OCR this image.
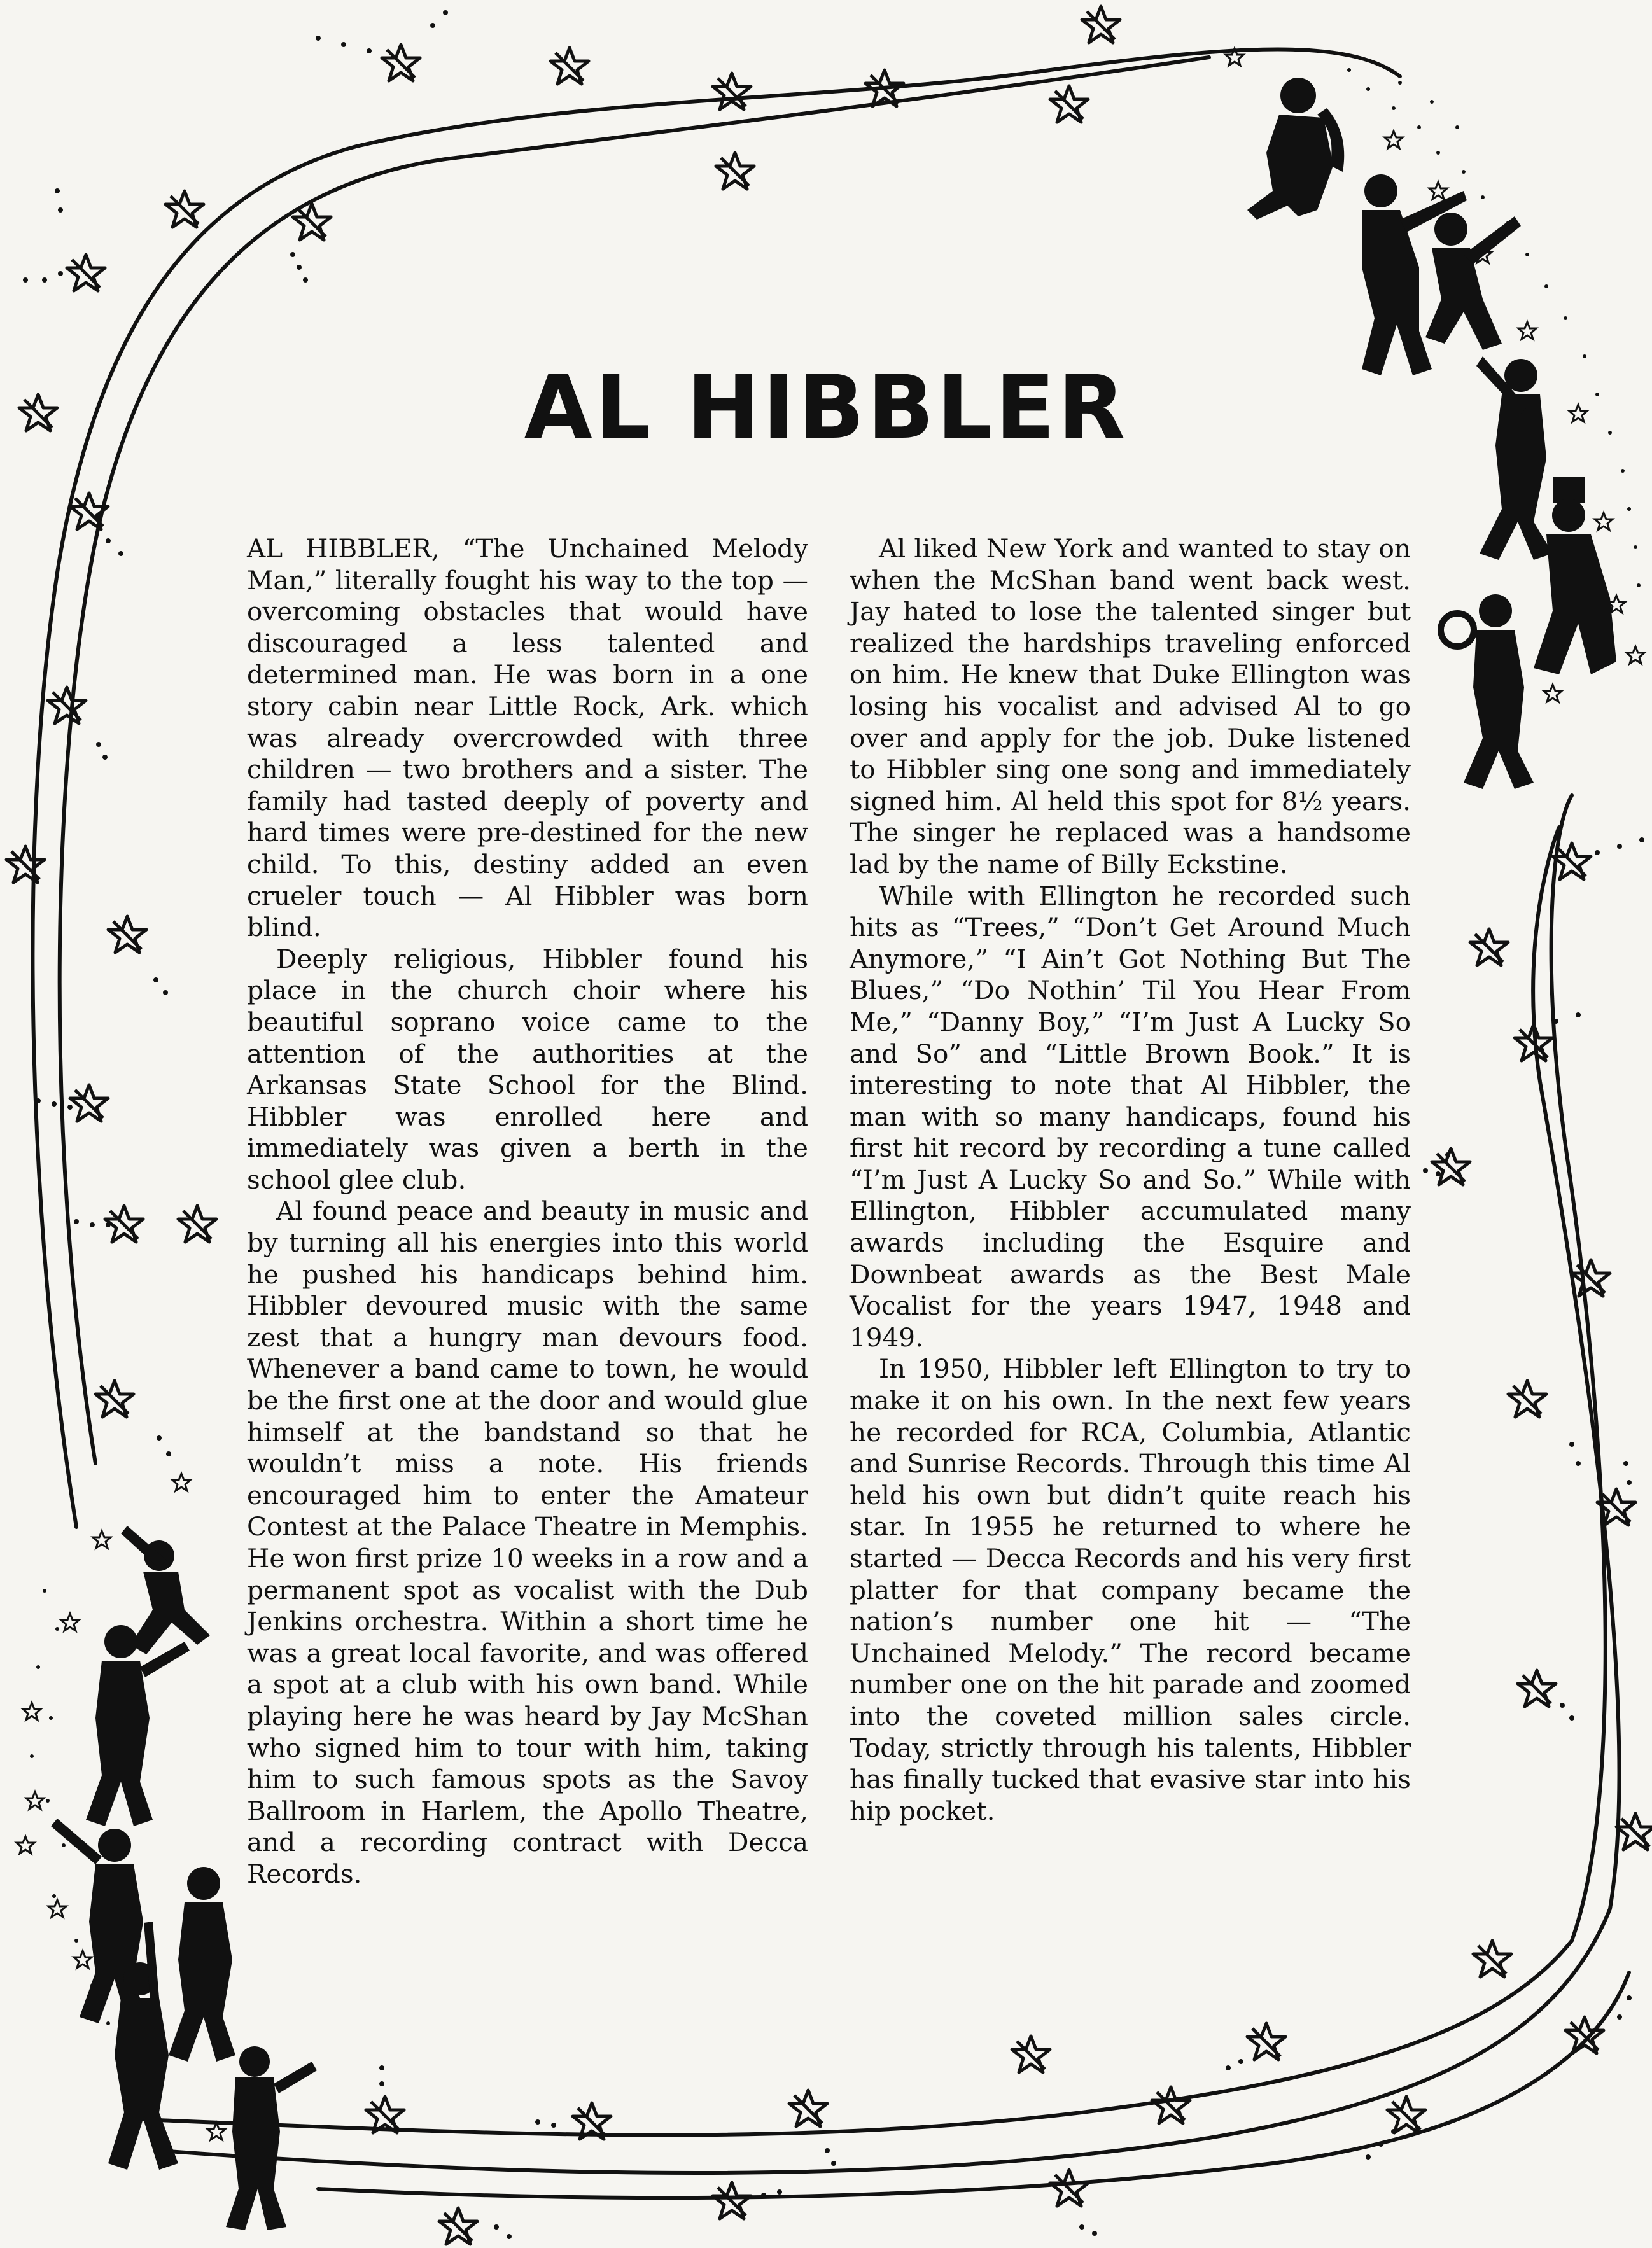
AL HIBBLER

AL HIBBLER, “The Unchained Melody Man,” literally fought his way to the top — overcoming obstacles that would have discouraged a less talented and determined man. He was born in a one story cabin near Little Rock, Ark. which was already overcrowded with three children — two brothers and a sister. The family had tasted deeply of poverty and hard times were pre-destined for the new child. To this, destiny added an even crueler touch — Al Hibbler was born blind.

Deeply religious, Hibbler found his place in the church choir where his beautiful soprano voice came to the attention of the authorities at the Arkansas State School for the Blind. Hibbler was enrolled here and immediately was given a berth in the school glee club.

Al found peace and beauty in music and by turning all his energies into this world he pushed his handicaps behind him. Hibbler devoured music with the same zest that a hungry man devours food. Whenever a band came to town, he would be the first one at the door and would glue himself at the bandstand so that he wouldn’t miss a note. His friends encouraged him to enter the Amateur Contest at the Palace Theatre in Memphis. He won first prize 10 weeks in a row and a permanent spot as vocalist with the Dub Jenkins orchestra. Within a short time he was a great local favorite, and was offered a spot at a club with his own band. While playing here he was heard by Jay McShan who signed him to tour with him, taking him to such famous spots as the Savoy Ballroom in Harlem, the Apollo Theatre, and a recording contract with Decca Records.

Al liked New York and wanted to stay on when the McShan band went back west. Jay hated to lose the talented singer but realized the hardships traveling enforced on him. He knew that Duke Ellington was losing his vocalist and advised Al to go over and apply for the job. Duke listened to Hibbler sing one song and immediately signed him. Al held this spot for 8½ years. The singer he replaced was a handsome lad by the name of Billy Eckstine.

While with Ellington he recorded such hits as “Trees,” “Don’t Get Around Much Anymore,” “I Ain’t Got Nothing But The Blues,” “Do Nothin’ Til You Hear From Me,” “Danny Boy,” “I’m Just A Lucky So and So” and “Little Brown Book.” It is interesting to note that Al Hibbler, the man with so many handicaps, found his first hit record by recording a tune called “I’m Just A Lucky So and So.” While with Ellington, Hibbler accumulated many awards including the Esquire and Downbeat awards as the Best Male Vocalist for the years 1947, 1948 and 1949.

In 1950, Hibbler left Ellington to try to make it on his own. In the next few years he recorded for RCA, Columbia, Atlantic and Sunrise Records. Through this time Al held his own but didn’t quite reach his star. In 1955 he returned to where he started — Decca Records and his very first platter for that company became the nation’s number one hit — “The Unchained Melody.” The record became number one on the hit parade and zoomed into the coveted million sales circle. Today, strictly through his talents, Hibbler has finally tucked that evasive star into his hip pocket.
